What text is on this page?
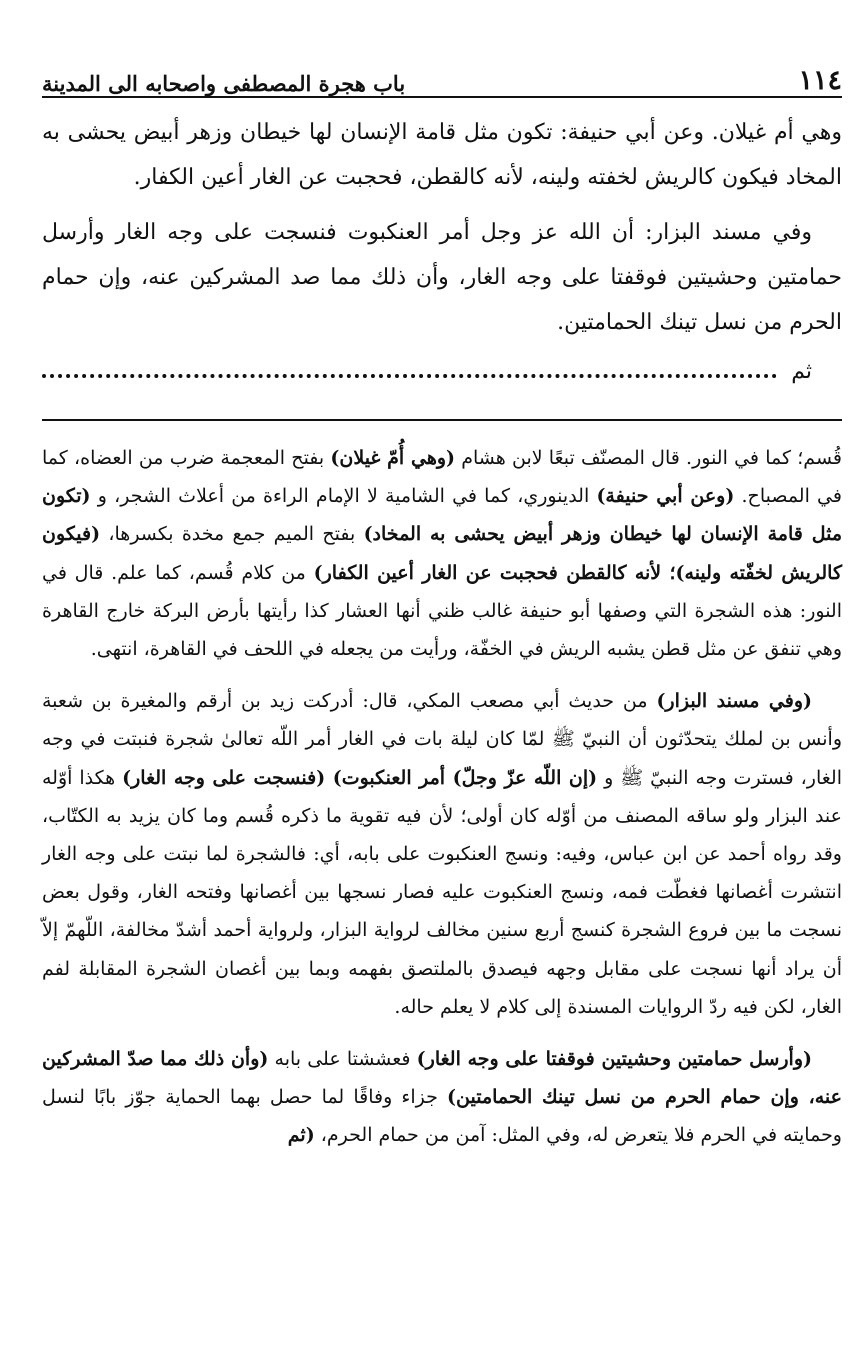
١١٤
باب هجرة المصطفى واصحابه الى المدينة

وهي أم غيلان. وعن أبي حنيفة: تكون مثل قامة الإنسان لها خيطان وزهر أبيض يحشى به المخاد فيكون كالريش لخفته ولينه، لأنه كالقطن، فحجبت عن الغار أعين الكفار.

وفي مسند البزار: أن الله عز وجل أمر العنكبوت فنسجت على وجه الغار وأرسل حمامتين وحشيتين فوقفتا على وجه الغار، وأن ذلك مما صد المشركين عنه، وإن حمام الحرم من نسل تينك الحمامتين.

ثم

قُسم؛ كما في النور. قال المصنّف تبعًا لابن هشام (وهي أُمّ غيلان) بفتح المعجمة ضرب من العضاه، كما في المصباح. (وعن أبي حنيفة) الدينوري، كما في الشامية لا الإمام الراءة من أعلاث الشجر، و (تكون مثل قامة الإنسان لها خيطان وزهر أبيض يحشى به المخاد) بفتح الميم جمع مخدة بكسرها، (فيكون كالريش لخفّته ولينه)؛ لأنه كالقطن فحجبت عن الغار أعين الكفار) من كلام قُسم، كما علم. قال في النور: هذه الشجرة التي وصفها أبو حنيفة غالب ظني أنها العشار كذا رأيتها بأرض البركة خارج القاهرة وهي تنفق عن مثل قطن يشبه الريش في الخفّة، ورأيت من يجعله في اللحف في القاهرة، انتهى.

(وفي مسند البزار) من حديث أبي مصعب المكي، قال: أدركت زيد بن أرقم والمغيرة بن شعبة وأنس بن لملك يتحدّثون أن النبيّ ﷺ لمّا كان ليلة بات في الغار أمر اللّه تعالىٰ شجرة فنبتت في وجه الغار، فسترت وجه النبيّ ﷺ و (إن اللّه عزّ وجلّ) أمر العنكبوت) (فنسجت على وجه الغار) هكذا أوّله عند البزار ولو ساقه المصنف من أوّله كان أولى؛ لأن فيه تقوية ما ذكره قُسم وما كان يزيد به الكتّاب، وقد رواه أحمد عن ابن عباس، وفيه: ونسج العنكبوت على بابه، أي: فالشجرة لما نبتت على وجه الغار انتشرت أغصانها فغطّت فمه، ونسج العنكبوت عليه فصار نسجها بين أغصانها وفتحه الغار، وقول بعض نسجت ما بين فروع الشجرة كنسج أربع سنين مخالف لرواية البزار، ولرواية أحمد أشدّ مخالفة، اللّهمّ إلاّ أن يراد أنها نسجت على مقابل وجهه فيصدق بالملتصق بفهمه وبما بين أغصان الشجرة المقابلة لفم الغار، لكن فيه ردّ الروايات المسندة إلى كلام لا يعلم حاله.

(وأرسل حمامتين وحشيتين فوقفتا على وجه الغار) فعششتا على بابه (وأن ذلك مما صدّ المشركين عنه، وإن حمام الحرم من نسل تينك الحمامتين) جزاء وفاقًا لما حصل بهما الحماية جوّز بابًا لنسل وحمايته في الحرم فلا يتعرض له، وفي المثل: آمن من حمام الحرم، (ثم
